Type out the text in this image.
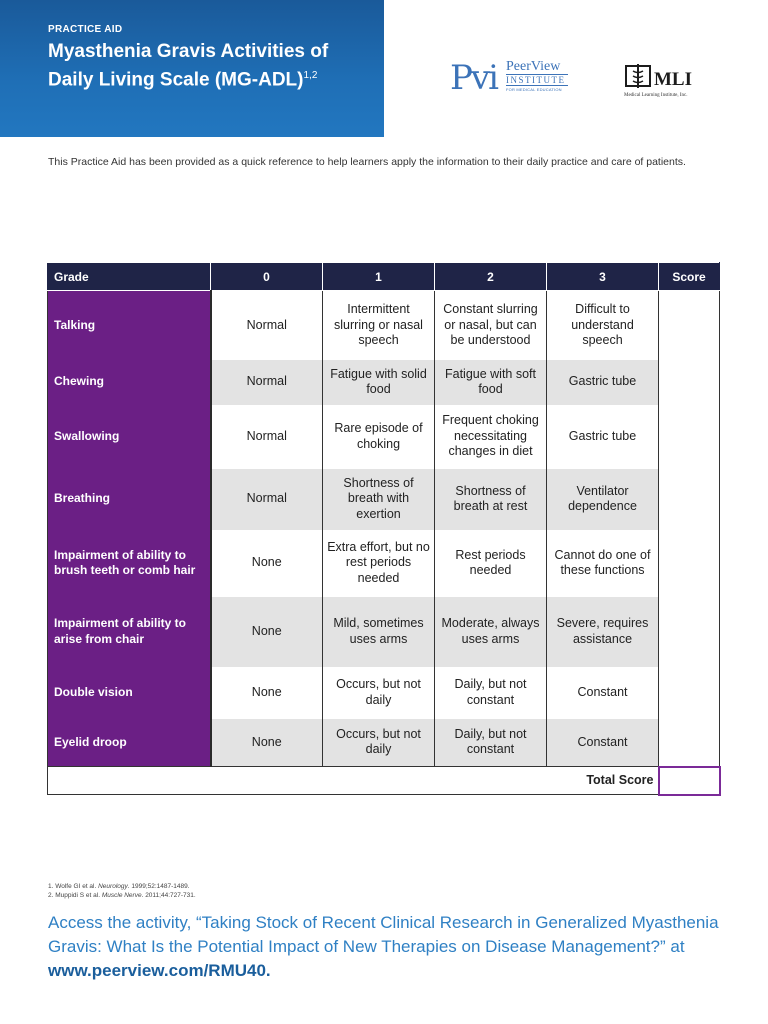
PRACTICE AID
Myasthenia Gravis Activities of Daily Living Scale $(MG-ADL)^{1,2}$	Pvi PeerView
INSTITUTE
FOR MEDICAL EDUCATION	MLI
Medical Learning Institute, Inc.
This Practice Aid has been provided as a quick reference to help learners apply the information to their daily practice and care of patients.
Grade	0	1	2	3	Score
Talking	Normal	Intermittent slurring or nasal speech	Constant slurring or nasal, but can be understood	Difficult to understand speech	
Chewing	Normal	Fatigue with solid food	Fatigue with soft food	Gastric tube	
Swallowing	Normal	Rare episode of choking	Frequent choking necessitating changes in diet	Gastric tube	
Breathing	Normal	Shortness of breath with exertion	Shortness of breath at rest	Ventilator dependence	
Impairment of ability to brush teeth or comb hair	None	Extra effort, but no rest periods needed	Rest periods needed	Cannot do one of these functions	
Impairment of ability to arise from chair	None	Mild, sometimes uses arms	Moderate, always uses arms	Severe, requires assistance	
Double vision	None	Occurs, but not daily	Daily, but not constant	Constant	
Eyelid droop	None	Occurs, but not daily	Daily, but not constant	Constant	
Total Score					
1. Wolfe GI et al. Neurology. 1999;52:1487-1489.
2. Muppidi S et al. Muscle Nerve. 2011;44:727-731.
Access the activity, “Taking Stock of Recent Clinical Research in Generalized Myasthenia Gravis: What Is the Potential Impact of New Therapies on Disease Management?” at www.peerview.com/RMU40.
